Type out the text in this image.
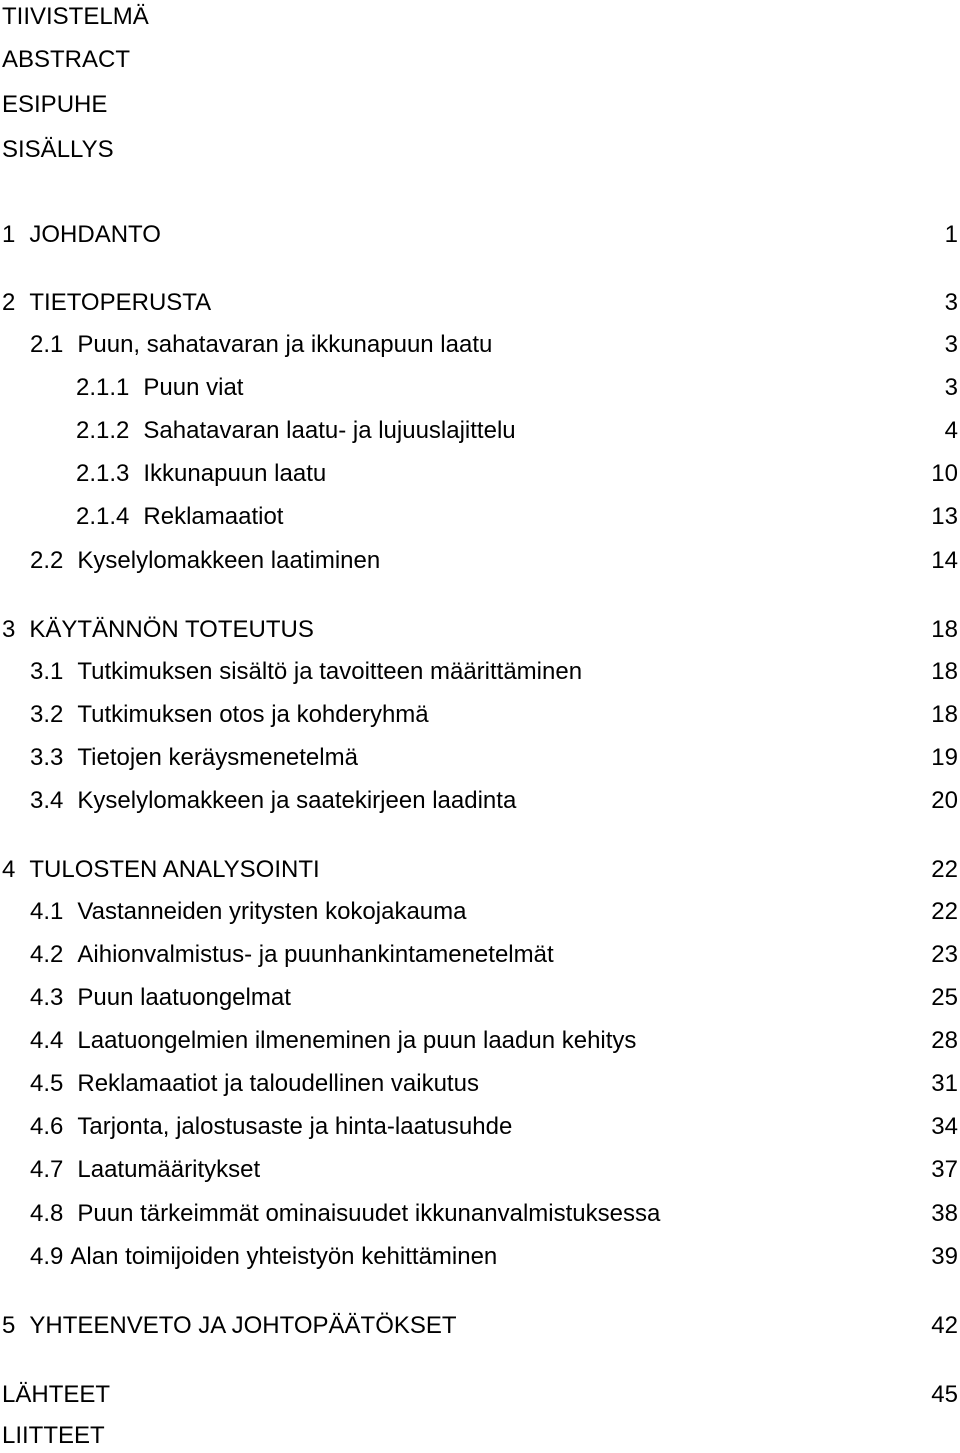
TIIVISTELMÄ
ABSTRACT
ESIPUHE
SISÄLLYS
1 JOHDANTO	1
2 TIETOPERUSTA	3
2.1 Puun, sahatavaran ja ikkunapuun laatu	3
2.1.1 Puun viat	3
2.1.2 Sahatavaran laatu- ja lujuuslajittelu	4
2.1.3 Ikkunapuun laatu	10
2.1.4 Reklamaatiot	13
2.2 Kyselylomakkeen laatiminen	14
3 KÄYTÄNNÖN TOTEUTUS	18
3.1 Tutkimuksen sisältö ja tavoitteen määrittäminen	18
3.2 Tutkimuksen otos ja kohderyhmä	18
3.3 Tietojen keräysmenetelmä	19
3.4 Kyselylomakkeen ja saatekirjeen laadinta	20
4 TULOSTEN ANALYSOINTI	22
4.1 Vastanneiden yritysten kokojakauma	22
4.2 Aihionvalmistus- ja puunhankintamenetelmät	23
4.3 Puun laatuongelmat	25
4.4 Laatuongelmien ilmeneminen ja puun laadun kehitys	28
4.5 Reklamaatiot ja taloudellinen vaikutus	31
4.6 Tarjonta, jalostusaste ja hinta-laatusuhde	34
4.7 Laatumääritykset	37
4.8 Puun tärkeimmät ominaisuudet ikkunanvalmistuksessa	38
4.9 Alan toimijoiden yhteistyön kehittäminen	39
5 YHTEENVETO JA JOHTOPÄÄTÖKSET	42
LÄHTEET	45
LIITTEET
